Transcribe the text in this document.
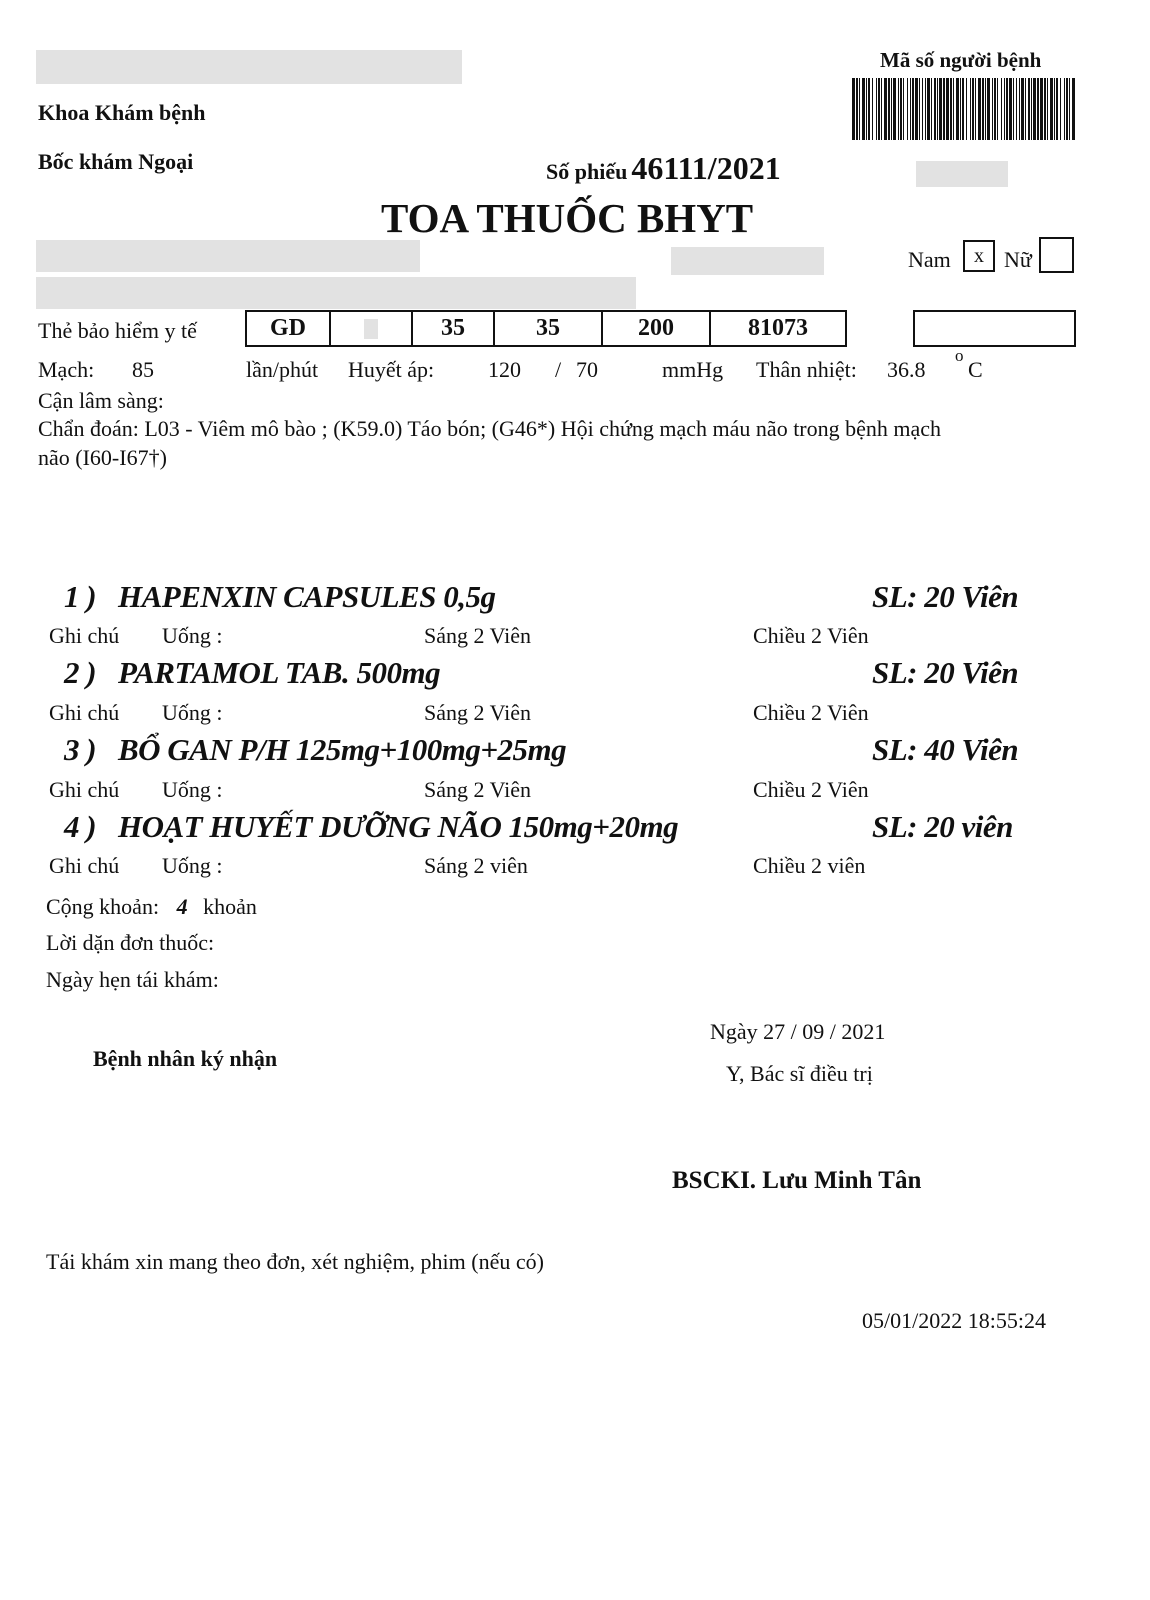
Khoa Khám bệnh
Bốc khám Ngoại
Mã số người bệnh
Số phiếu 46111/2021
TOA THUỐC BHYT
Nam	x Nữ
Thẻ bảo hiểm y tế	GD		35	35	200	81073
Mạch: 85	lần/phút Huyết áp: 120 / 70	mmHg Thân nhiệt: 36.8
o
C
Cận lâm sàng:
Chẩn đoán: L03 - Viêm mô bào ; (K59.0) Táo bón; (G46*) Hội chứng mạch máu não trong bệnh mạch
não (I60-I67†)
1 ) HAPENXIN CAPSULES 0,5g	SL: 20 Viên
Ghi chú Uống :	Sáng 2 Viên	Chiều 2 Viên
2 ) PARTAMOL TAB. 500mg	SL: 20 Viên
Ghi chú Uống :	Sáng 2 Viên	Chiều 2 Viên
3 ) BỔ GAN P/H 125mg+100mg+25mg	SL: 40 Viên
Ghi chú Uống :	Sáng 2 Viên	Chiều 2 Viên
4 ) HOẠT HUYẾT DƯỠNG NÃO 150mg+20mg	SL: 20 viên
Ghi chú Uống :	Sáng 2 viên	Chiều 2 viên
Cộng khoản: 4 khoản
Lời dặn đơn thuốc:
Ngày hẹn tái khám:
Bệnh nhân ký nhận
Ngày 27 / 09 / 2021
Y, Bác sĩ điều trị
BSCKI. Lưu Minh Tân
Tái khám xin mang theo đơn, xét nghiệm, phim (nếu có)
05/01/2022 18:55:24
